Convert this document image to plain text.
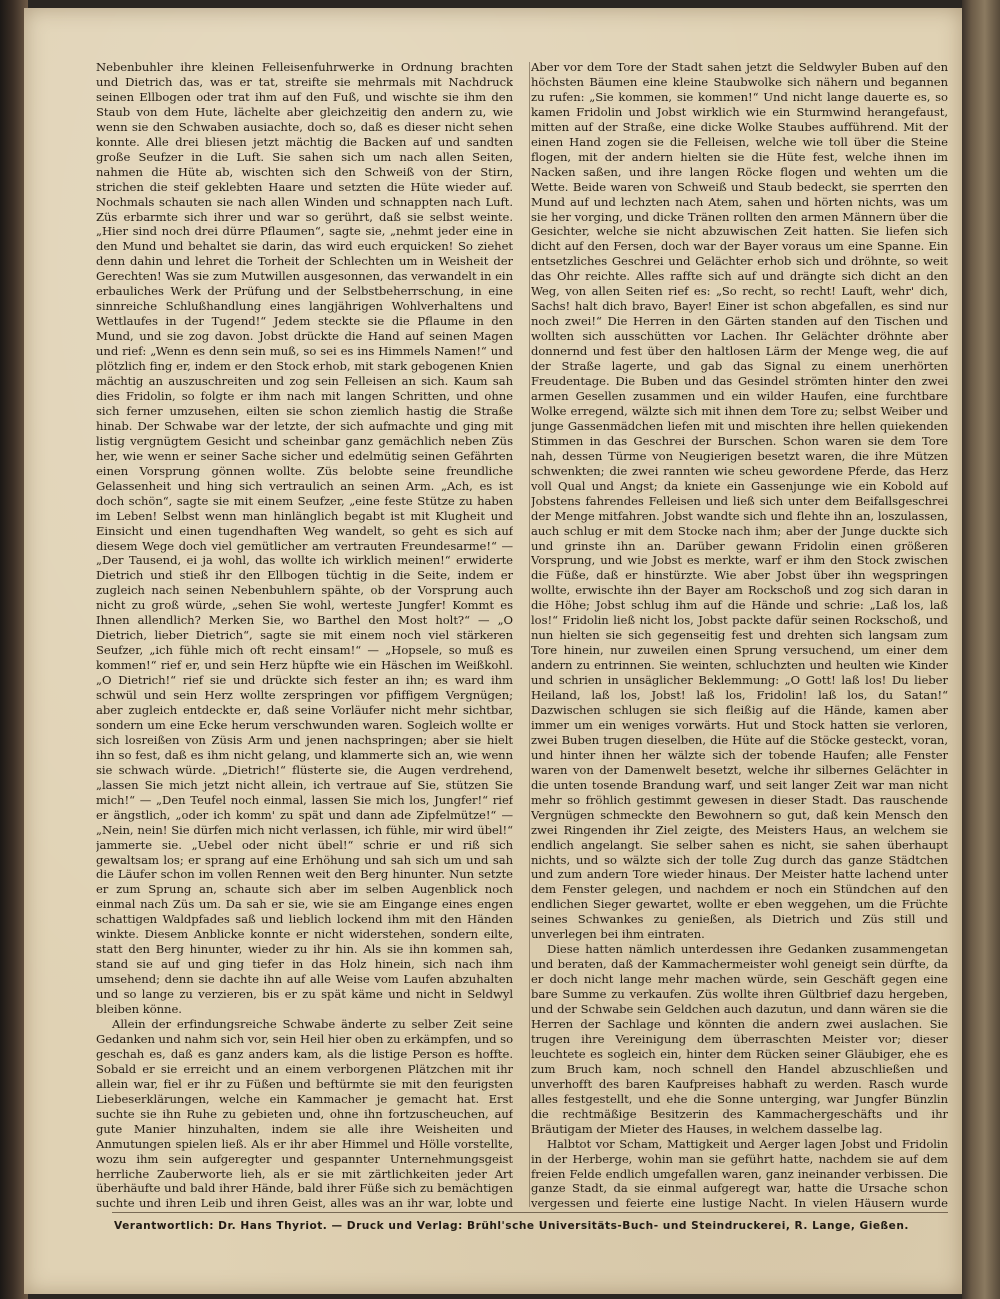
Nebenbuhler ihre kleinen Felleisenfuhrwerke in Ordnung brachten und Dietrich das, was er tat, streifte sie mehrmals mit Nachdruck seinen Ellbogen oder trat ihm auf den Fuß, und wischte sie ihm den Staub von dem Hute, lächelte aber gleichzeitig den andern zu, wie wenn sie den Schwaben ausiachte, doch so, daß es dieser nicht sehen konnte. Alle drei bliesen jetzt mächtig die Backen auf und sandten große Seufzer in die Luft. Sie sahen sich um nach allen Seiten, nahmen die Hüte ab, wischten sich den Schweiß von der Stirn, strichen die steif geklebten Haare und setzten die Hüte wieder auf. Nochmals schauten sie nach allen Winden und schnappten nach Luft. Züs erbarmte sich ihrer und war so gerührt, daß sie selbst weinte. „Hier sind noch drei dürre Pflaumen“, sagte sie, „nehmt jeder eine in den Mund und behaltet sie darin, das wird euch erquicken! So ziehet denn dahin und lehret die Torheit der Schlechten um in Weisheit der Gerechten! Was sie zum Mutwillen ausgesonnen, das verwandelt in ein erbauliches Werk der Prüfung und der Selbstbeherrschung, in eine sinnreiche Schlußhandlung eines langjährigen Wohlverhaltens und Wettlaufes in der Tugend!“ Jedem steckte sie die Pflaume in den Mund, und sie zog davon. Jobst drückte die Hand auf seinen Magen und rief: „Wenn es denn sein muß, so sei es ins Himmels Namen!“ und plötzlich fing er, indem er den Stock erhob, mit stark gebogenen Knien mächtig an auszuschreiten und zog sein Felleisen an sich. Kaum sah dies Fridolin, so folgte er ihm nach mit langen Schritten, und ohne sich ferner umzusehen, eilten sie schon ziemlich hastig die Straße hinab. Der Schwabe war der letzte, der sich aufmachte und ging mit listig vergnügtem Gesicht und scheinbar ganz gemächlich neben Züs her, wie wenn er seiner Sache sicher und edelmütig seinen Gefährten einen Vorsprung gönnen wollte. Züs belobte seine freundliche Gelassenheit und hing sich vertraulich an seinen Arm. „Ach, es ist doch schön“, sagte sie mit einem Seufzer, „eine feste Stütze zu haben im Leben! Selbst wenn man hinlänglich begabt ist mit Klugheit und Einsicht und einen tugendhaften Weg wandelt, so geht es sich auf diesem Wege doch viel gemütlicher am vertrauten Freundesarme!“ — „Der Tausend, ei ja wohl, das wollte ich wirklich meinen!“ erwiderte Dietrich und stieß ihr den Ellbogen tüchtig in die Seite, indem er zugleich nach seinen Nebenbuhlern spähte, ob der Vorsprung auch nicht zu groß würde, „sehen Sie wohl, werteste Jungfer! Kommt es Ihnen allendlich? Merken Sie, wo Barthel den Most holt?“ — „O Dietrich, lieber Dietrich“, sagte sie mit einem noch viel stärkeren Seufzer, „ich fühle mich oft recht einsam!“ — „Hopsele, so muß es kommen!“ rief er, und sein Herz hüpfte wie ein Häschen im Weißkohl. „O Dietrich!“ rief sie und drückte sich fester an ihn; es ward ihm schwül und sein Herz wollte zerspringen vor pfiffigem Vergnügen; aber zugleich entdeckte er, daß seine Vorläufer nicht mehr sichtbar, sondern um eine Ecke herum verschwunden waren. Sogleich wollte er sich losreißen von Züsis Arm und jenen nachspringen; aber sie hielt ihn so fest, daß es ihm nicht gelang, und klammerte sich an, wie wenn sie schwach würde. „Dietrich!“ flüsterte sie, die Augen verdrehend, „lassen Sie mich jetzt nicht allein, ich vertraue auf Sie, stützen Sie mich!“ — „Den Teufel noch einmal, lassen Sie mich los, Jungfer!“ rief er ängstlich, „oder ich komm' zu spät und dann ade Zipfelmütze!“ — „Nein, nein! Sie dürfen mich nicht verlassen, ich fühle, mir wird übel!“ jammerte sie. „Uebel oder nicht übel!“ schrie er und riß sich gewaltsam los; er sprang auf eine Erhöhung und sah sich um und sah die Läufer schon im vollen Rennen weit den Berg hinunter. Nun setzte er zum Sprung an, schaute sich aber im selben Augenblick noch einmal nach Züs um. Da sah er sie, wie sie am Eingange eines engen schattigen Waldpfades saß und lieblich lockend ihm mit den Händen winkte. Diesem Anblicke konnte er nicht widerstehen, sondern eilte, statt den Berg hinunter, wieder zu ihr hin. Als sie ihn kommen sah, stand sie auf und ging tiefer in das Holz hinein, sich nach ihm umsehend; denn sie dachte ihn auf alle Weise vom Laufen abzuhalten und so lange zu verzieren, bis er zu spät käme und nicht in Seldwyl bleiben könne.

Allein der erfindungsreiche Schwabe änderte zu selber Zeit seine Gedanken und nahm sich vor, sein Heil hier oben zu erkämpfen, und so geschah es, daß es ganz anders kam, als die listige Person es hoffte. Sobald er sie erreicht und an einem verborgenen Plätzchen mit ihr allein war, fiel er ihr zu Füßen und beftürmte sie mit den feurigsten Liebeserklärungen, welche ein Kammacher je gemacht hat. Erst suchte sie ihn Ruhe zu gebieten und, ohne ihn fortzuscheuchen, auf gute Manier hinzuhalten, indem sie alle ihre Weisheiten und Anmutungen spielen ließ. Als er ihr aber Himmel und Hölle vorstellte, wozu ihm sein aufgeregter und gespannter Unternehmungsgeist herrliche Zauberworte lieh, als er sie mit zärtlichkeiten jeder Art überhäufte und bald ihrer Hände, bald ihrer Füße sich zu bemächtigen suchte und ihren Leib und ihren Geist, alles was an ihr war, lobte und

Aber vor dem Tore der Stadt sahen jetzt die Seldwyler Buben auf den höchsten Bäumen eine kleine Staubwolke sich nähern und begannen zu rufen: „Sie kommen, sie kommen!“ Und nicht lange dauerte es, so kamen Fridolin und Jobst wirklich wie ein Sturmwind herangefaust, mitten auf der Straße, eine dicke Wolke Staubes aufführend. Mit der einen Hand zogen sie die Felleisen, welche wie toll über die Steine flogen, mit der andern hielten sie die Hüte fest, welche ihnen im Nacken saßen, und ihre langen Röcke flogen und wehten um die Wette. Beide waren von Schweiß und Staub bedeckt, sie sperrten den Mund auf und lechzten nach Atem, sahen und hörten nichts, was um sie her vorging, und dicke Tränen rollten den armen Männern über die Gesichter, welche sie nicht abzuwischen Zeit hatten. Sie liefen sich dicht auf den Fersen, doch war der Bayer voraus um eine Spanne. Ein entsetzliches Geschrei und Gelächter erhob sich und dröhnte, so weit das Ohr reichte. Alles raffte sich auf und drängte sich dicht an den Weg, von allen Seiten rief es: „So recht, so recht! Lauft, wehr' dich, Sachs! halt dich bravo, Bayer! Einer ist schon abgefallen, es sind nur noch zwei!“ Die Herren in den Gärten standen auf den Tischen und wollten sich ausschütten vor Lachen. Ihr Gelächter dröhnte aber donnernd und fest über den haltlosen Lärm der Menge weg, die auf der Straße lagerte, und gab das Signal zu einem unerhörten Freudentage. Die Buben und das Gesindel strömten hinter den zwei armen Gesellen zusammen und ein wilder Haufen, eine furchtbare Wolke erregend, wälzte sich mit ihnen dem Tore zu; selbst Weiber und junge Gassenmädchen liefen mit und mischten ihre hellen quiekenden Stimmen in das Geschrei der Burschen. Schon waren sie dem Tore nah, dessen Türme von Neugierigen besetzt waren, die ihre Mützen schwenkten; die zwei rannten wie scheu gewordene Pferde, das Herz voll Qual und Angst; da kniete ein Gassenjunge wie ein Kobold auf Jobstens fahrendes Felleisen und ließ sich unter dem Beifallsgeschrei der Menge mitfahren. Jobst wandte sich und flehte ihn an, loszulassen, auch schlug er mit dem Stocke nach ihm; aber der Junge duckte sich und grinste ihn an. Darüber gewann Fridolin einen größeren Vorsprung, und wie Jobst es merkte, warf er ihm den Stock zwischen die Füße, daß er hinstürzte. Wie aber Jobst über ihn wegspringen wollte, erwischte ihn der Bayer am Rockschoß und zog sich daran in die Höhe; Jobst schlug ihm auf die Hände und schrie: „Laß los, laß los!“ Fridolin ließ nicht los, Jobst packte dafür seinen Rockschoß, und nun hielten sie sich gegenseitig fest und drehten sich langsam zum Tore hinein, nur zuweilen einen Sprung versuchend, um einer dem andern zu entrinnen. Sie weinten, schluchzten und heulten wie Kinder und schrien in unsäglicher Beklemmung: „O Gott! laß los! Du lieber Heiland, laß los, Jobst! laß los, Fridolin! laß los, du Satan!“ Dazwischen schlugen sie sich fleißig auf die Hände, kamen aber immer um ein weniges vorwärts. Hut und Stock hatten sie verloren, zwei Buben trugen dieselben, die Hüte auf die Stöcke gesteckt, voran, und hinter ihnen her wälzte sich der tobende Haufen; alle Fenster waren von der Damenwelt besetzt, welche ihr silbernes Gelächter in die unten tosende Brandung warf, und seit langer Zeit war man nicht mehr so fröhlich gestimmt gewesen in dieser Stadt. Das rauschende Vergnügen schmeckte den Bewohnern so gut, daß kein Mensch den zwei Ringenden ihr Ziel zeigte, des Meisters Haus, an welchem sie endlich angelangt. Sie selber sahen es nicht, sie sahen überhaupt nichts, und so wälzte sich der tolle Zug durch das ganze Städtchen und zum andern Tore wieder hinaus. Der Meister hatte lachend unter dem Fenster gelegen, und nachdem er noch ein Stündchen auf den endlichen Sieger gewartet, wollte er eben weggehen, um die Früchte seines Schwankes zu genießen, als Dietrich und Züs still und unverlegen bei ihm eintraten.

Diese hatten nämlich unterdessen ihre Gedanken zusammengetan und beraten, daß der Kammachermeister wohl geneigt sein dürfte, da er doch nicht lange mehr machen würde, sein Geschäft gegen eine bare Summe zu verkaufen. Züs wollte ihren Gültbrief dazu hergeben, und der Schwabe sein Geldchen auch dazutun, und dann wären sie die Herren der Sachlage und könnten die andern zwei auslachen. Sie trugen ihre Vereinigung dem überraschten Meister vor; dieser leuchtete es sogleich ein, hinter dem Rücken seiner Gläubiger, ehe es zum Bruch kam, noch schnell den Handel abzuschließen und unverhofft des baren Kaufpreises habhaft zu werden. Rasch wurde alles festgestellt, und ehe die Sonne unterging, war Jungfer Bünzlin die rechtmäßige Besitzerin des Kammachergeschäfts und ihr Bräutigam der Mieter des Hauses, in welchem dasselbe lag.

Halbtot vor Scham, Mattigkeit und Aerger lagen Jobst und Fridolin in der Herberge, wohin man sie geführt hatte, nachdem sie auf dem freien Felde endlich umgefallen waren, ganz ineinander verbissen. Die ganze Stadt, da sie einmal aufgeregt war, hatte die Ursache schon vergessen und feierte eine lustige Nacht. In vielen Häusern wurde

Verantwortlich: Dr. Hans Thyriot. — Druck und Verlag: Brühl'sche Universitäts-Buch- und Steindruckerei, R. Lange, Gießen.
